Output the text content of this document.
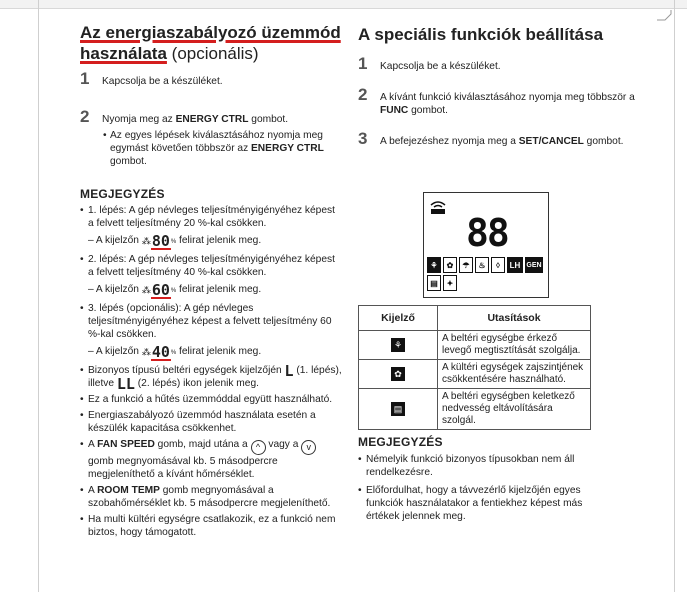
Az energiaszabályozó üzemmód
használata (opcionális)
1 Kapcsolja be a készüléket.
2 Nyomja meg az ENERGY CTRL gombot.
• Az egyes lépések kiválasztásához nyomja meg egymást követően többször az ENERGY CTRL gombot.
MEGJEGYZÉS
• 1. lépés: A gép névleges teljesítményigényéhez képest a felvett teljesítmény 20 %-kal csökken.
– A kijelzőn ⁂80% felirat jelenik meg.
• 2. lépés: A gép névleges teljesítményigényéhez képest a felvett teljesítmény 40 %-kal csökken.
– A kijelzőn ⁂60% felirat jelenik meg.
• 3. lépés (opcionális): A gép névleges teljesítményigényéhez képest a felvett teljesítmény 60 %-kal csökken.
– A kijelzőn ⁂40% felirat jelenik meg.
• Bizonyos típusú beltéri egységek kijelzőjén L (1. lépés), illetve LL (2. lépés) ikon jelenik meg.
• Ez a funkció a hűtés üzemmóddal együtt használható.
• Energiaszabályozó üzemmód használata esetén a készülék kapacitása csökkenhet.
• A FAN SPEED gomb, majd utána a ^ vagy a v gomb megnyomásával kb. 5 másodpercre megjeleníthető a kívánt hőmérséklet.
• A ROOM TEMP gomb megnyomásával a szobahőmérséklet kb. 5 másodpercre megjeleníthető.
• Ha multi kültéri egységre csatlakozik, ez a funkció nem biztos, hogy támogatott.
A speciális funkciók beállítása
1 Kapcsolja be a készüléket.
2 A kívánt funkció kiválasztásához nyomja meg többször a FUNC gombot.
3 A befejezéshez nyomja meg a SET/CANCEL gombot.
88
⚘	✿	☂	♨	◊	LH GEN
▤	✦
Kijelző	Utasítások
⚘	A beltéri egységbe érkező levegő megtisztítását szolgálja.
✿	A kültéri egységek zajszintjének csökkentésére használható.
▤	A beltéri egységben keletkező nedvesség eltávolítására szolgál.
MEGJEGYZÉS
• Némelyik funkció bizonyos típusokban nem áll rendelkezésre.
• Előfordulhat, hogy a távvezérlő kijelzőjén egyes funkciók használatakor a fentiekhez képest más értékek jelennek meg.
